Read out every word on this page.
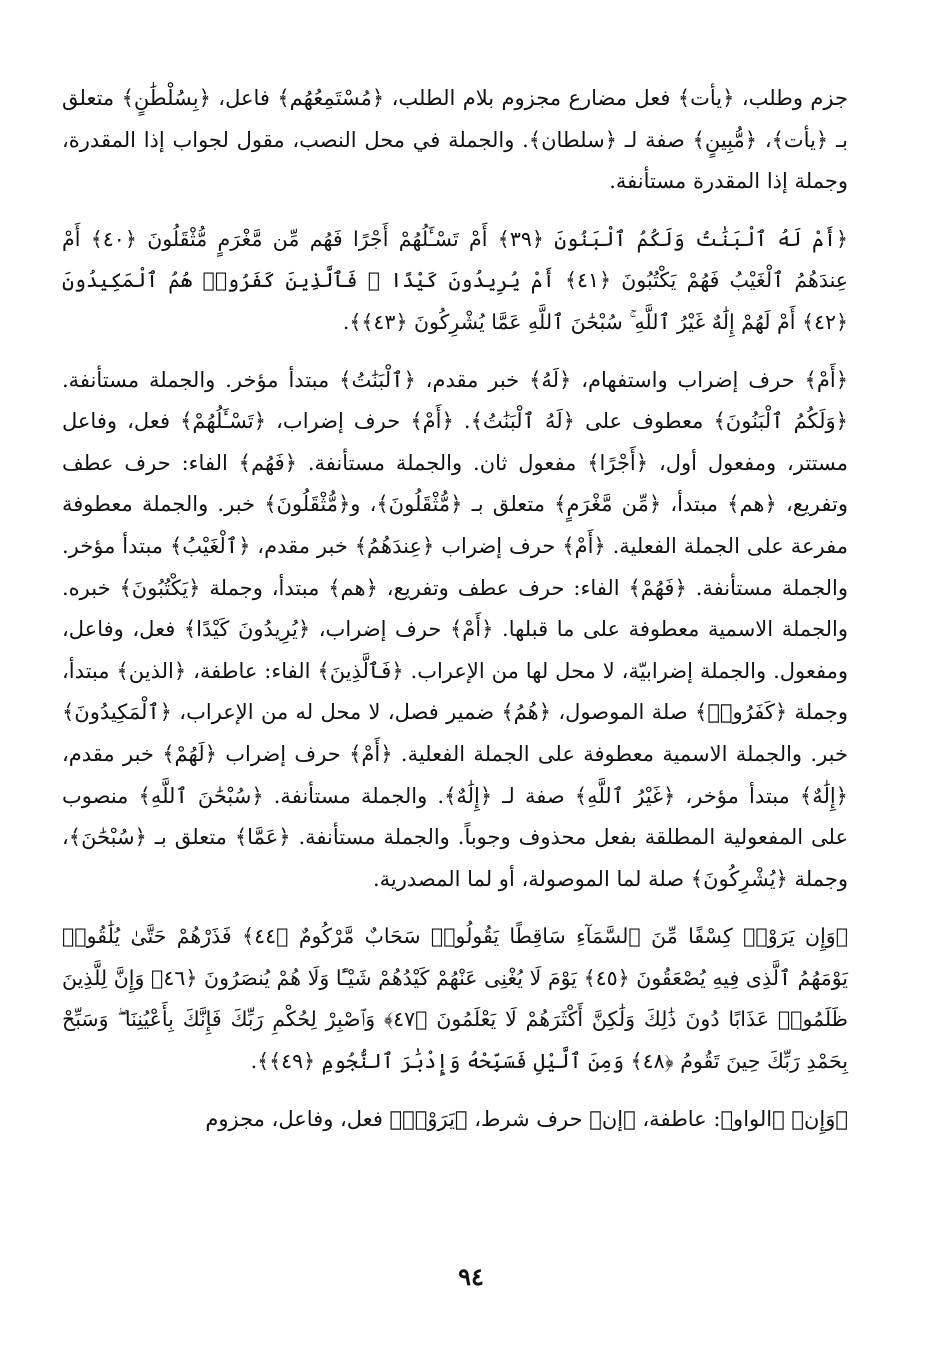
جزم وطلب، ﴿يأت﴾ فعل مضارع مجزوم بلام الطلب، ﴿مُسْتَمِعُهُم﴾ فاعل، ﴿بِسُلْطَٰنٍ﴾ متعلق بـ ﴿يأت﴾، ﴿مُّبِينٍ﴾ صفة لـ ﴿سلطان﴾. والجملة في محل النصب، مقول لجواب إذا المقدرة، وجملة إذا المقدرة مستأنفة.

﴿أَمْ لَهُ ٱلْبَنَٰتُ وَلَكُمُ ٱلْبَنُونَ ﴿٣٩﴾ أَمْ تَسْـَٔلُهُمْ أَجْرًا فَهُم مِّن مَّغْرَمٍ مُّثْقَلُونَ ﴿٤٠﴾ أَمْ عِندَهُمُ ٱلْغَيْبُ فَهُمْ يَكْتُبُونَ ﴿٤١﴾ أَمْ يُرِيدُونَ كَيْدًا ۖ فَٱلَّذِينَ كَفَرُوا۟ هُمُ ٱلْمَكِيدُونَ ﴿٤٢﴾ أَمْ لَهُمْ إِلَٰهٌ غَيْرُ ٱللَّهِ ۚ سُبْحَٰنَ ٱللَّهِ عَمَّا يُشْرِكُونَ ﴿٤٣﴾﴾.

﴿أَمْ﴾ حرف إضراب واستفهام، ﴿لَهُ﴾ خبر مقدم، ﴿ٱلْبَنَٰتُ﴾ مبتدأ مؤخر. والجملة مستأنفة. ﴿وَلَكُمُ ٱلْبَنُونَ﴾ معطوف على ﴿لَهُ ٱلْبَنَٰتُ﴾. ﴿أَمْ﴾ حرف إضراب، ﴿تَسْـَٔلُهُمْ﴾ فعل، وفاعل مستتر، ومفعول أول، ﴿أَجْرًا﴾ مفعول ثان. والجملة مستأنفة. ﴿فَهُم﴾ الفاء: حرف عطف وتفريع، ﴿هم﴾ مبتدأ، ﴿مِّن مَّغْرَمٍ﴾ متعلق بـ ﴿مُّثْقَلُونَ﴾، و﴿مُّثْقَلُونَ﴾ خبر. والجملة معطوفة مفرعة على الجملة الفعلية. ﴿أَمْ﴾ حرف إضراب ﴿عِندَهُمُ﴾ خبر مقدم، ﴿ٱلْغَيْبُ﴾ مبتدأ مؤخر. والجملة مستأنفة. ﴿فَهُمْ﴾ الفاء: حرف عطف وتفريع، ﴿هم﴾ مبتدأ، وجملة ﴿يَكْتُبُونَ﴾ خبره. والجملة الاسمية معطوفة على ما قبلها. ﴿أَمْ﴾ حرف إضراب، ﴿يُرِيدُونَ كَيْدًا﴾ فعل، وفاعل، ومفعول. والجملة إضرابيّة، لا محل لها من الإعراب. ﴿فَٱلَّذِينَ﴾ الفاء: عاطفة، ﴿الذين﴾ مبتدأ، وجملة ﴿كَفَرُوا۟﴾ صلة الموصول، ﴿هُمُ﴾ ضمير فصل، لا محل له من الإعراب، ﴿ٱلْمَكِيدُونَ﴾ خبر. والجملة الاسمية معطوفة على الجملة الفعلية. ﴿أَمْ﴾ حرف إضراب ﴿لَهُمْ﴾ خبر مقدم، ﴿إِلَٰهٌ﴾ مبتدأ مؤخر، ﴿غَيْرُ ٱللَّهِ﴾ صفة لـ ﴿إِلَٰهٌ﴾. والجملة مستأنفة. ﴿سُبْحَٰنَ ٱللَّهِ﴾ منصوب على المفعولية المطلقة بفعل محذوف وجوباً. والجملة مستأنفة. ﴿عَمَّا﴾ متعلق بـ ﴿سُبْحَٰنَ﴾، وجملة ﴿يُشْرِكُونَ﴾ صلة لما الموصولة، أو لما المصدرية.

﴿وَإِن يَرَوْا۟ كِسْفًا مِّنَ ٱلسَّمَآءِ سَاقِطًا يَقُولُوا۟ سَحَابٌ مَّرْكُومٌ ﴿٤٤﴾ فَذَرْهُمْ حَتَّىٰ يُلَٰقُوا۟ يَوْمَهُمُ ٱلَّذِى فِيهِ يُصْعَقُونَ ﴿٤٥﴾ يَوْمَ لَا يُغْنِى عَنْهُمْ كَيْدُهُمْ شَيْـًٔا وَلَا هُمْ يُنصَرُونَ ﴿٤٦﴾ وَإِنَّ لِلَّذِينَ ظَلَمُوا۟ عَذَابًا دُونَ ذَٰلِكَ وَلَٰكِنَّ أَكْثَرَهُمْ لَا يَعْلَمُونَ ﴿٤٧﴾ وَٱصْبِرْ لِحُكْمِ رَبِّكَ فَإِنَّكَ بِأَعْيُنِنَا ۖ وَسَبِّحْ بِحَمْدِ رَبِّكَ حِينَ تَقُومُ ﴿٤٨﴾ وَمِنَ ٱلَّيْلِ فَسَبِّحْهُ وَإِدْبَٰرَ ٱلنُّجُومِ ﴿٤٩﴾﴾.

﴿وَإِن﴾ ﴿الواو﴾: عاطفة، ﴿إن﴾ حرف شرط، ﴿يَرَوْا۟﴾ فعل، وفاعل، مجزوم

٩٤
